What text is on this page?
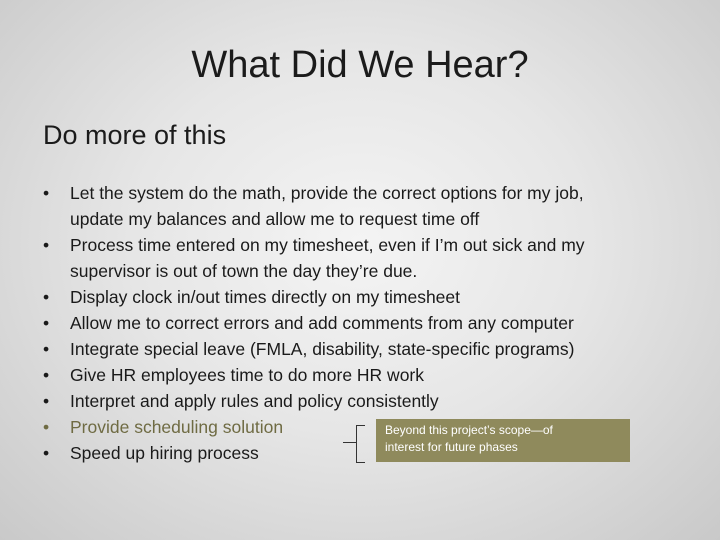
What Did We Hear?
Do more of this
•	Let the system do the math, provide the correct options for my job,
update my balances and allow me to request time off
•	Process time entered on my timesheet, even if I’m out sick and my
supervisor is out of town the day they’re due.
•	Display clock in/out times directly on my timesheet
•	Allow me to correct errors and add comments from any computer
•	Integrate special leave (FMLA, disability, state-specific programs)
•	Give HR employees time to do more HR work
•	Interpret and apply rules and policy consistently
•	Provide scheduling solution
•	Speed up hiring process
Beyond this project’s scope—of
interest for future phases
